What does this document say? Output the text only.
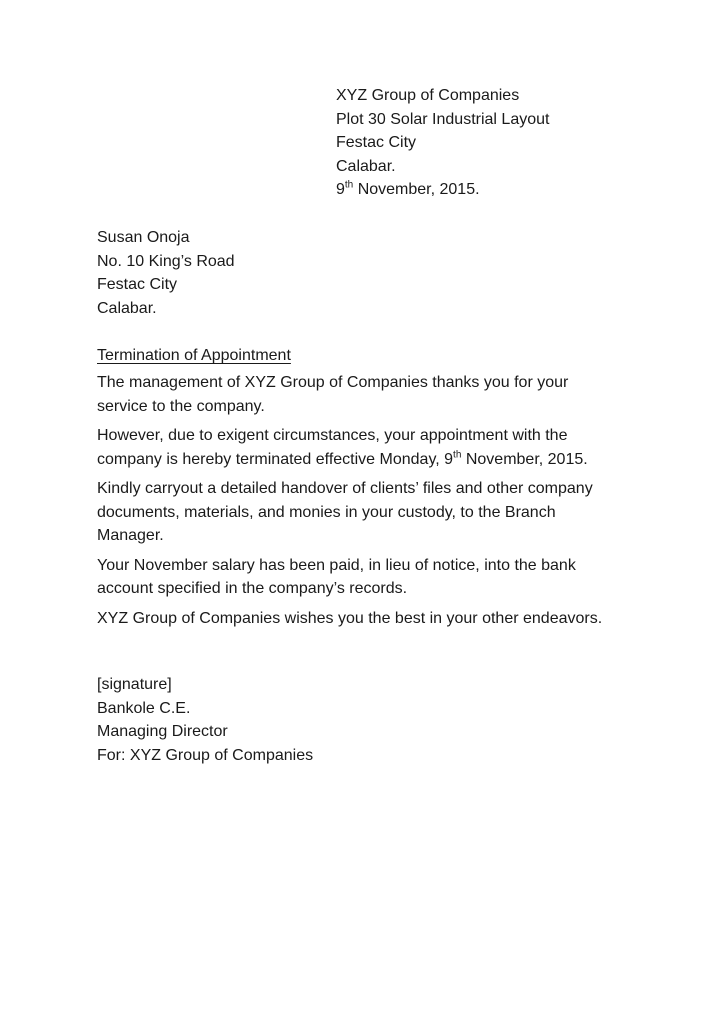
XYZ Group of Companies
Plot 30 Solar Industrial Layout
Festac City
Calabar.
9th November, 2015.
Susan Onoja
No. 10 King’s Road
Festac City
Calabar.
Termination of Appointment
The management of XYZ Group of Companies thanks you for your
service to the company.
However, due to exigent circumstances, your appointment with the
company is hereby terminated effective Monday, 9th November, 2015.
Kindly carryout a detailed handover of clients’ files and other company
documents, materials, and monies in your custody, to the Branch
Manager.
Your November salary has been paid, in lieu of notice, into the bank
account specified in the company’s records.
XYZ Group of Companies wishes you the best in your other endeavors.
[signature]
Bankole C.E.
Managing Director
For: XYZ Group of Companies
